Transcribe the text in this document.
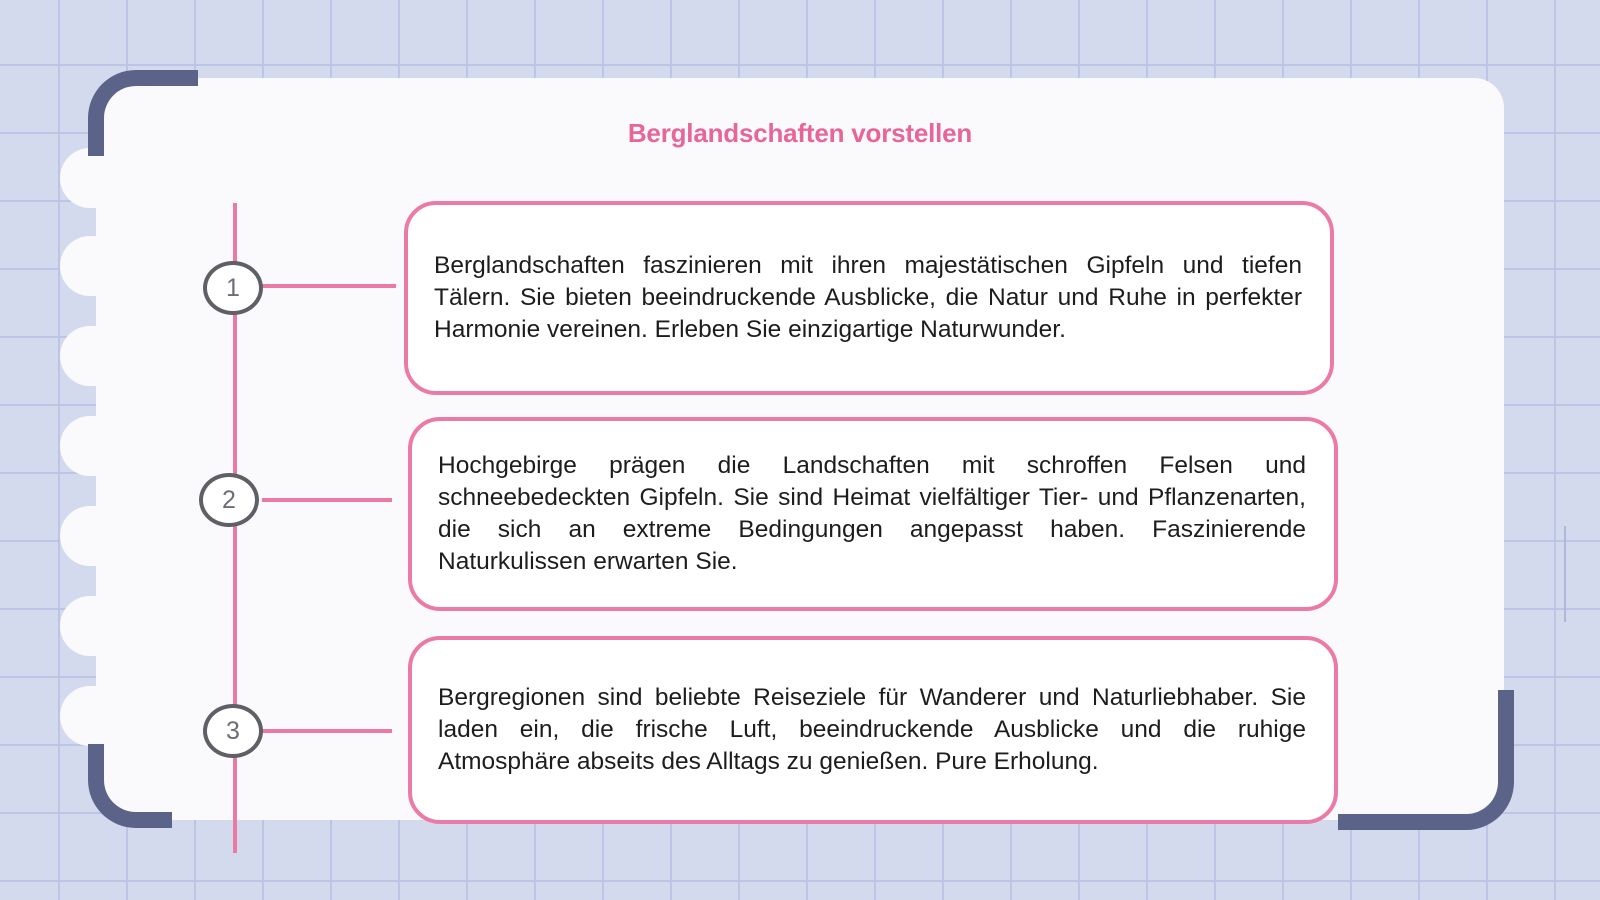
Berglandschaften vorstellen
1

Berglandschaften faszinieren mit ihren majestätischen Gipfeln und tiefen Tälern. Sie bieten beeindruckende Ausblicke, die Natur und Ruhe in perfekter Harmonie vereinen. Erleben Sie einzigartige Naturwunder.

2

Hochgebirge prägen die Landschaften mit schroffen Felsen und schneebedeckten Gipfeln. Sie sind Heimat vielfältiger Tier- und Pflanzenarten, die sich an extreme Bedingungen angepasst haben. Faszinierende Naturkulissen erwarten Sie.

3

Bergregionen sind beliebte Reiseziele für Wanderer und Naturliebhaber. Sie laden ein, die frische Luft, beeindruckende Ausblicke und die ruhige Atmosphäre abseits des Alltags zu genießen. Pure Erholung.
